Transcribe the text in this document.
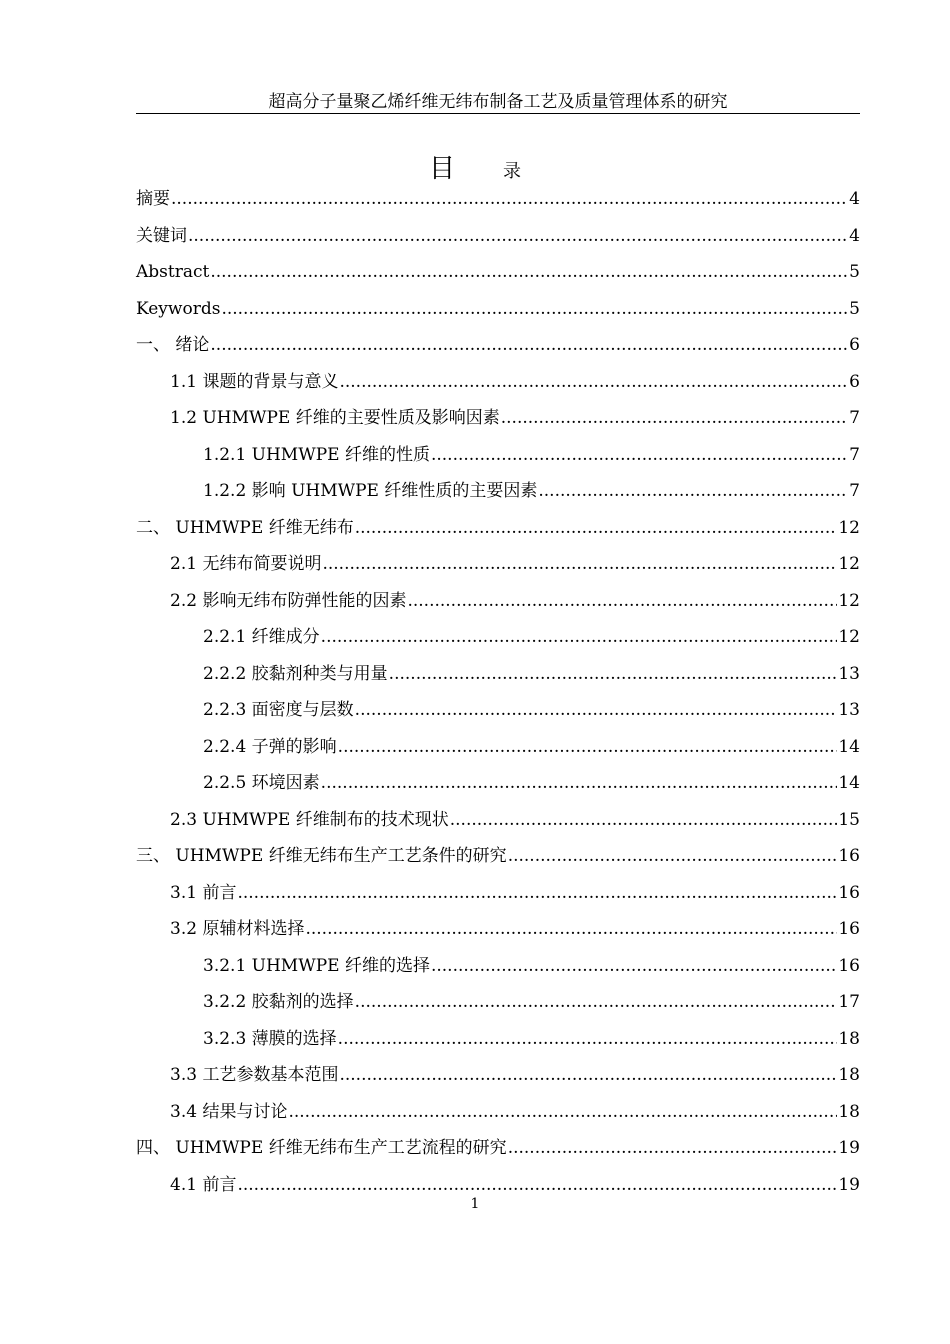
超高分子量聚乙烯纤维无纬布制备工艺及质量管理体系的研究
目	录
摘要 .....	4
关键词 .....	4
Abstract .....	5
Keywords .....	5
一、 绪论 .....	6
1.1 课题的背景与意义 .....	6
1.2 UHMWPE 纤维的主要性质及影响因素 .....	7
1.2.1 UHMWPE 纤维的性质 .....	7
1.2.2 影响 UHMWPE 纤维性质的主要因素 .....	7
二、 UHMWPE 纤维无纬布 .....	12
2.1 无纬布简要说明 .....	12
2.2 影响无纬布防弹性能的因素 .....	12
2.2.1 纤维成分 .....	12
2.2.2 胶黏剂种类与用量 .....	13
2.2.3 面密度与层数 .....	13
2.2.4 子弹的影响 .....	14
2.2.5 环境因素 .....	14
2.3 UHMWPE 纤维制布的技术现状 .....	15
三、 UHMWPE 纤维无纬布生产工艺条件的研究 .....	16
3.1 前言 .....	16
3.2 原辅材料选择 .....	16
3.2.1 UHMWPE 纤维的选择 .....	16
3.2.2 胶黏剂的选择 .....	17
3.2.3 薄膜的选择 .....	18
3.3 工艺参数基本范围 .....	18
3.4 结果与讨论 .....	18
四、 UHMWPE 纤维无纬布生产工艺流程的研究 .....	19
4.1 前言 .....	19
1
